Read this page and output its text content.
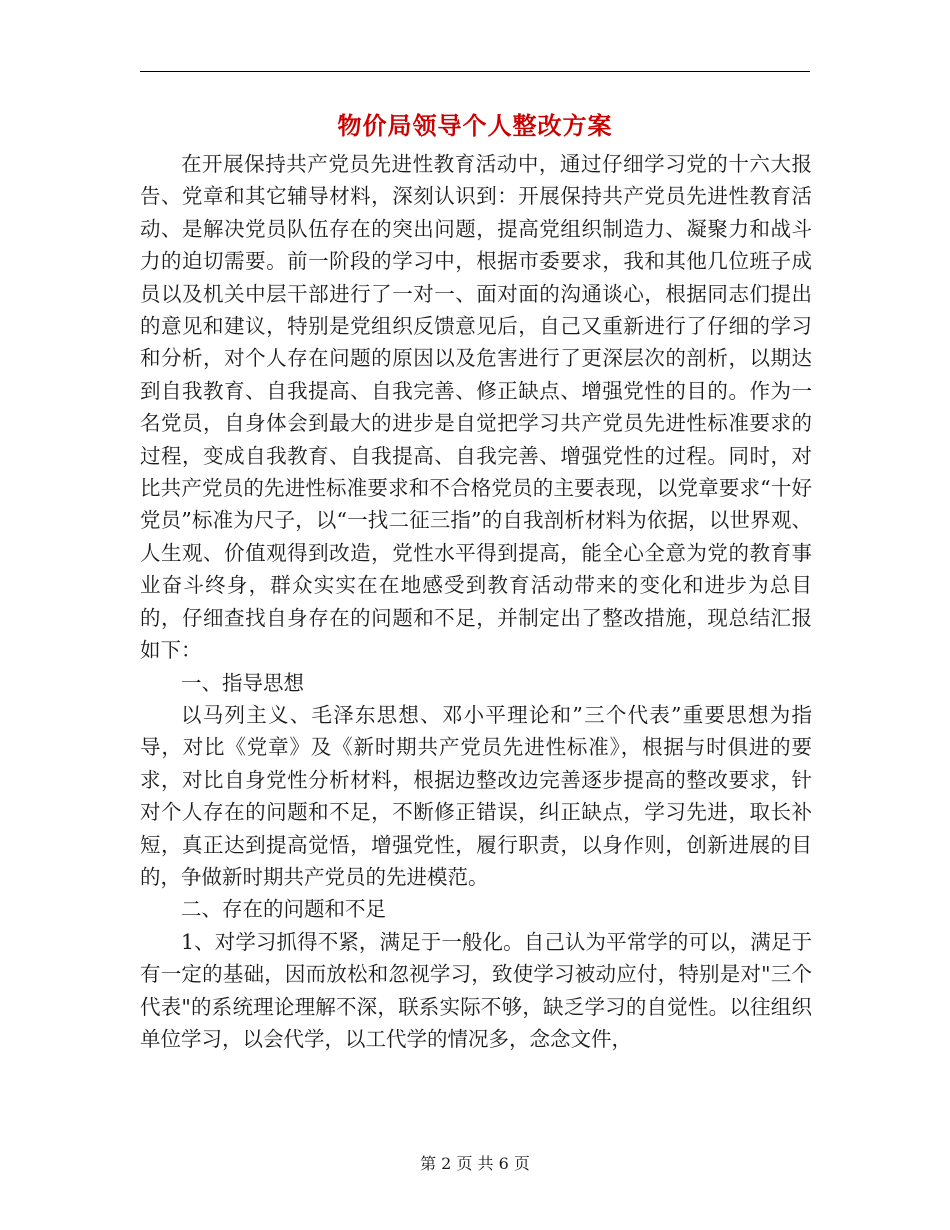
物价局领导个人整改方案

在开展保持共产党员先进性教育活动中，通过仔细学习党的十六大报告、党章和其它辅导材料，深刻认识到：开展保持共产党员先进性教育活动、是解决党员队伍存在的突出问题，提高党组织制造力、凝聚力和战斗力的迫切需要。前一阶段的学习中，根据市委要求，我和其他几位班子成员以及机关中层干部进行了一对一、面对面的沟通谈心，根据同志们提出的意见和建议，特别是党组织反馈意见后，自己又重新进行了仔细的学习和分析，对个人存在问题的原因以及危害进行了更深层次的剖析，以期达到自我教育、自我提高、自我完善、修正缺点、增强党性的目的。作为一名党员，自身体会到最大的进步是自觉把学习共产党员先进性标准要求的过程，变成自我教育、自我提高、自我完善、增强党性的过程。同时，对比共产党员的先进性标准要求和不合格党员的主要表现，以党章要求“十好党员”标准为尺子，以“一找二征三指”的自我剖析材料为依据，以世界观、人生观、价值观得到改造，党性水平得到提高，能全心全意为党的教育事业奋斗终身，群众实实在在地感受到教育活动带来的变化和进步为总目的，仔细查找自身存在的问题和不足，并制定出了整改措施，现总结汇报如下：

一、指导思想

以马列主义、毛泽东思想、邓小平理论和”三个代表”重要思想为指导，对比《党章》及《新时期共产党员先进性标准》，根据与时俱进的要求，对比自身党性分析材料，根据边整改边完善逐步提高的整改要求，针对个人存在的问题和不足，不断修正错误，纠正缺点，学习先进，取长补短，真正达到提高觉悟，增强党性，履行职责，以身作则，创新进展的目的，争做新时期共产党员的先进模范。

二、存在的问题和不足

1、对学习抓得不紧，满足于一般化。自己认为平常学的可以，满足于有一定的基础，因而放松和忽视学习，致使学习被动应付，特别是对"三个代表"的系统理论理解不深，联系实际不够，缺乏学习的自觉性。以往组织单位学习，以会代学，以工代学的情况多，念念文件，

第 2 页 共 6 页
